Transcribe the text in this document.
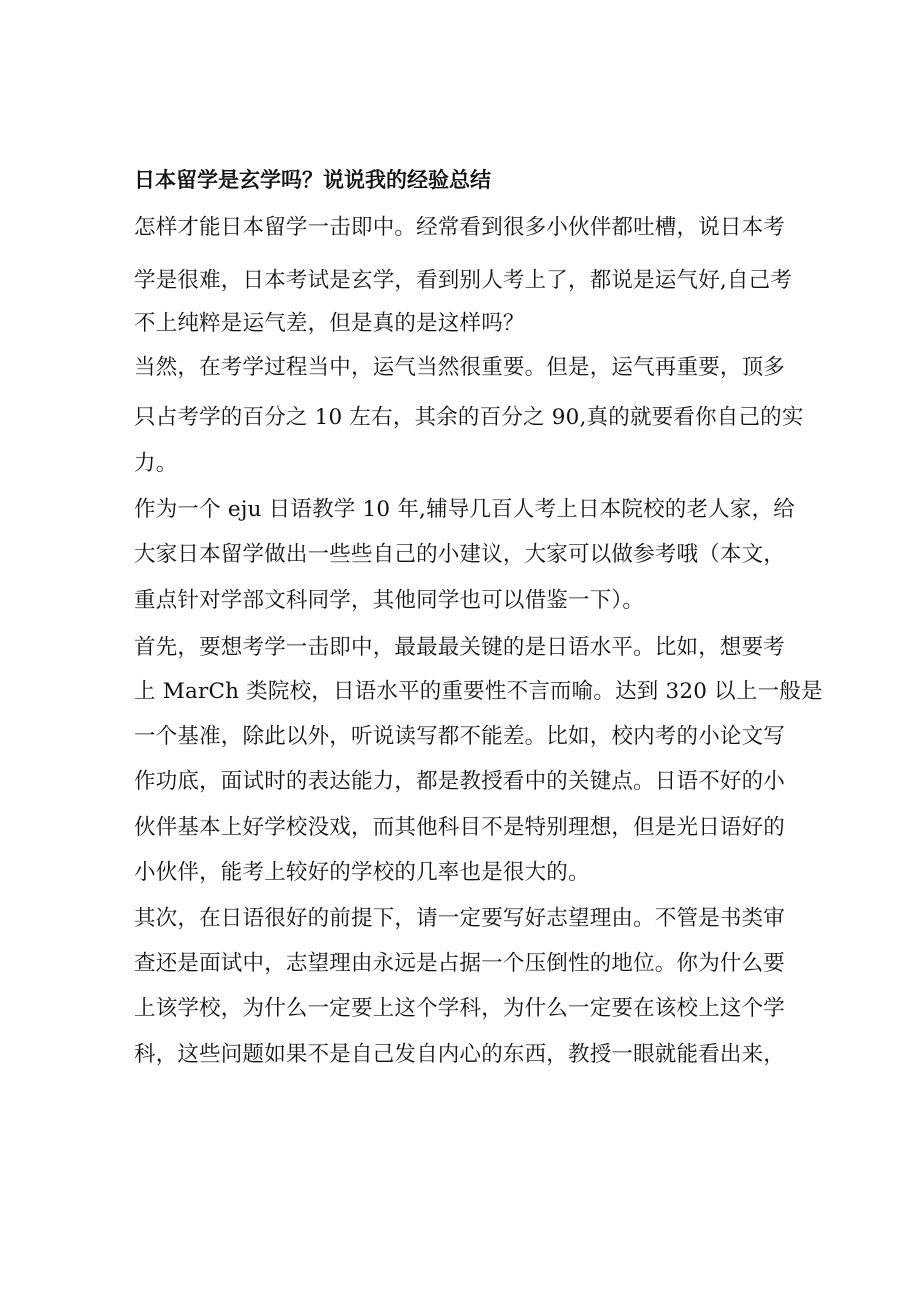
日本留学是玄学吗？说说我的经验总结

怎样才能日本留学一击即中。经常看到很多小伙伴都吐槽，说日本考

学是很难，日本考试是玄学，看到别人考上了，都说是运气好,自己考

不上纯粹是运气差，但是真的是这样吗？

当然，在考学过程当中，运气当然很重要。但是，运气再重要，顶多

只占考学的百分之 10 左右，其余的百分之 90,真的就要看你自己的实

力。

作为一个 eju 日语教学 10 年,辅导几百人考上日本院校的老人家，给

大家日本留学做出一些些自己的小建议，大家可以做参考哦（本文，

重点针对学部文科同学，其他同学也可以借鉴一下）。

首先，要想考学一击即中，最最最关键的是日语水平。比如，想要考

上 MarCh 类院校，日语水平的重要性不言而喻。达到 320 以上一般是

一个基准，除此以外，听说读写都不能差。比如，校内考的小论文写

作功底，面试时的表达能力，都是教授看中的关键点。日语不好的小

伙伴基本上好学校没戏，而其他科目不是特别理想，但是光日语好的

小伙伴，能考上较好的学校的几率也是很大的。

其次，在日语很好的前提下，请一定要写好志望理由。不管是书类审

查还是面试中，志望理由永远是占据一个压倒性的地位。你为什么要

上该学校，为什么一定要上这个学科，为什么一定要在该校上这个学

科，这些问题如果不是自己发自内心的东西，教授一眼就能看出来，
